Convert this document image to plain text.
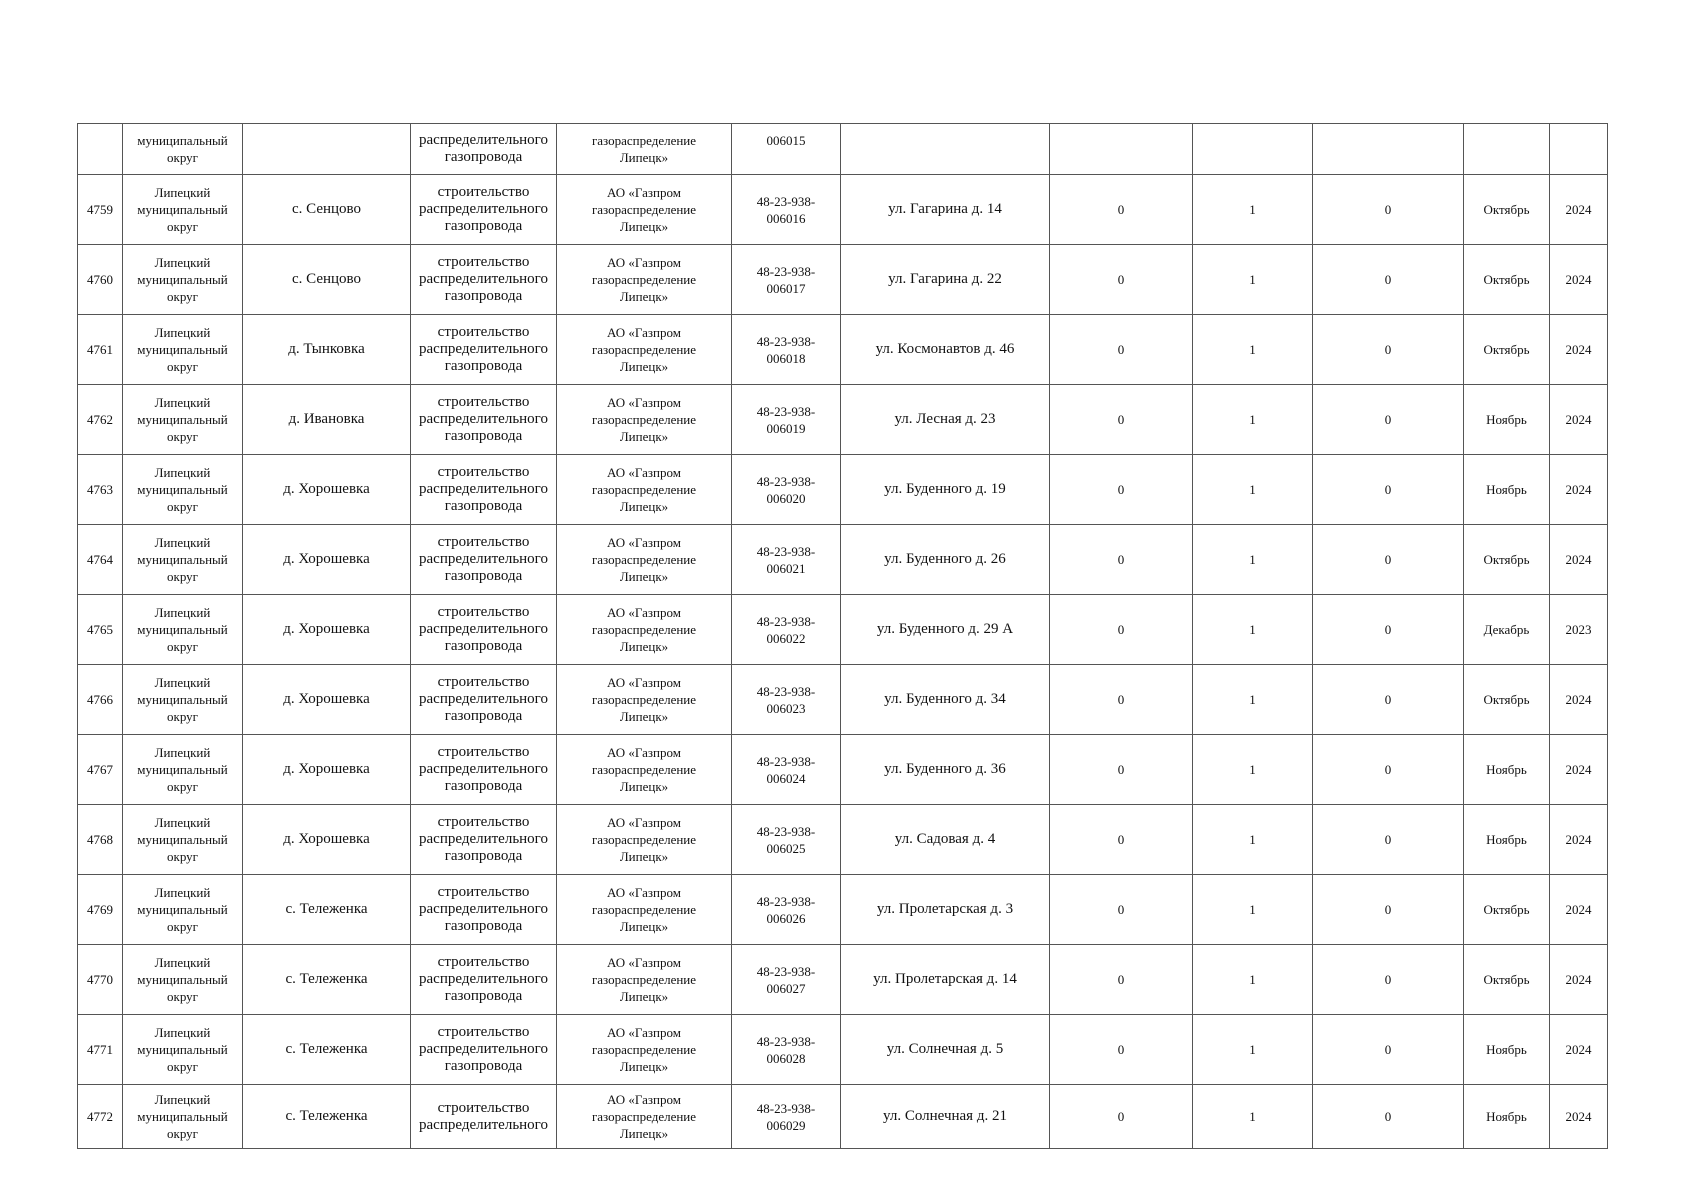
	муниципальный
округ		распределительного
газопровода	газораспределение
Липецк»	006015						
4759	Липецкий
муниципальный
округ	с. Сенцово	строительство
распределительного
газопровода	АО «Газпром
газораспределение
Липецк»	48-23-938-
006016	ул. Гагарина д. 14	0	1	0	Октябрь	2024
4760	Липецкий
муниципальный
округ	с. Сенцово	строительство
распределительного
газопровода	АО «Газпром
газораспределение
Липецк»	48-23-938-
006017	ул. Гагарина д. 22	0	1	0	Октябрь	2024
4761	Липецкий
муниципальный
округ	д. Тынковка	строительство
распределительного
газопровода	АО «Газпром
газораспределение
Липецк»	48-23-938-
006018	ул. Космонавтов д. 46	0	1	0	Октябрь	2024
4762	Липецкий
муниципальный
округ	д. Ивановка	строительство
распределительного
газопровода	АО «Газпром
газораспределение
Липецк»	48-23-938-
006019	ул. Лесная д. 23	0	1	0	Ноябрь	2024
4763	Липецкий
муниципальный
округ	д. Хорошевка	строительство
распределительного
газопровода	АО «Газпром
газораспределение
Липецк»	48-23-938-
006020	ул. Буденного д. 19	0	1	0	Ноябрь	2024
4764	Липецкий
муниципальный
округ	д. Хорошевка	строительство
распределительного
газопровода	АО «Газпром
газораспределение
Липецк»	48-23-938-
006021	ул. Буденного д. 26	0	1	0	Октябрь	2024
4765	Липецкий
муниципальный
округ	д. Хорошевка	строительство
распределительного
газопровода	АО «Газпром
газораспределение
Липецк»	48-23-938-
006022	ул. Буденного д. 29 А	0	1	0	Декабрь	2023
4766	Липецкий
муниципальный
округ	д. Хорошевка	строительство
распределительного
газопровода	АО «Газпром
газораспределение
Липецк»	48-23-938-
006023	ул. Буденного д. 34	0	1	0	Октябрь	2024
4767	Липецкий
муниципальный
округ	д. Хорошевка	строительство
распределительного
газопровода	АО «Газпром
газораспределение
Липецк»	48-23-938-
006024	ул. Буденного д. 36	0	1	0	Ноябрь	2024
4768	Липецкий
муниципальный
округ	д. Хорошевка	строительство
распределительного
газопровода	АО «Газпром
газораспределение
Липецк»	48-23-938-
006025	ул. Садовая д. 4	0	1	0	Ноябрь	2024
4769	Липецкий
муниципальный
округ	с. Тележенка	строительство
распределительного
газопровода	АО «Газпром
газораспределение
Липецк»	48-23-938-
006026	ул. Пролетарская д. 3	0	1	0	Октябрь	2024
4770	Липецкий
муниципальный
округ	с. Тележенка	строительство
распределительного
газопровода	АО «Газпром
газораспределение
Липецк»	48-23-938-
006027	ул. Пролетарская д. 14	0	1	0	Октябрь	2024
4771	Липецкий
муниципальный
округ	с. Тележенка	строительство
распределительного
газопровода	АО «Газпром
газораспределение
Липецк»	48-23-938-
006028	ул. Солнечная д. 5	0	1	0	Ноябрь	2024
4772	Липецкий
муниципальный
округ	с. Тележенка	строительство
распределительного	АО «Газпром
газораспределение
Липецк»	48-23-938-
006029	ул. Солнечная д. 21	0	1	0	Ноябрь	2024
